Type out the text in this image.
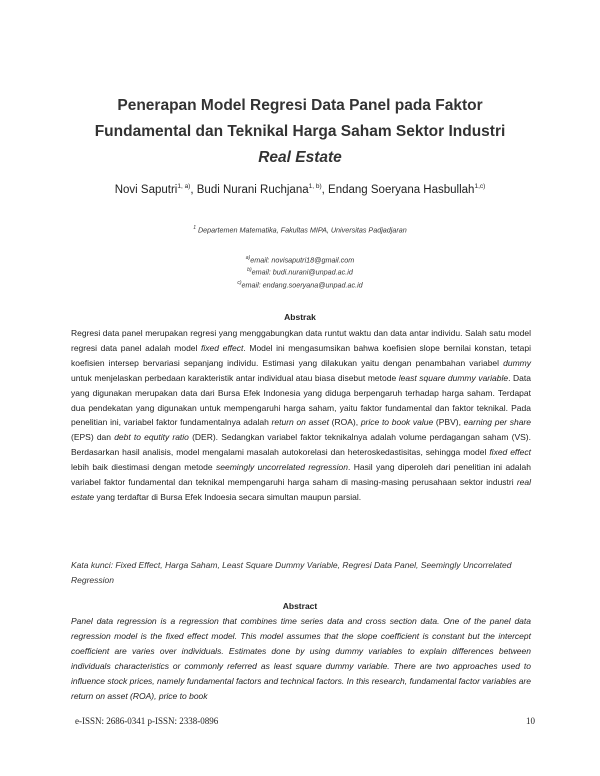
Penerapan Model Regresi Data Panel pada Faktor
Fundamental dan Teknikal Harga Saham Sektor Industri
Real Estate
Novi Saputri$^{1, a)}$, Budi Nurani Ruchjana$^{1, b)}$, Endang Soeryana Hasbullah$^{1,c)}$
$^1$ Departemen Matematika, Fakultas MIPA, Universitas Padjadjaran
$^{a)}$email: novisaputri18@gmail.com
$^{b)}$email: budi.nurani@unpad.ac.id
$^{c)}$email: endang.soeryana@unpad.ac.id
Abstrak
Regresi data panel merupakan regresi yang menggabungkan data runtut waktu dan data antar individu. Salah satu model regresi data panel adalah model fixed effect. Model ini mengasumsikan bahwa koefisien slope bernilai konstan, tetapi koefisien intersep bervariasi sepanjang individu. Estimasi yang dilakukan yaitu dengan penambahan variabel dummy untuk menjelaskan perbedaan karakteristik antar individual atau biasa disebut metode least square dummy variable. Data yang digunakan merupakan data dari Bursa Efek Indonesia yang diduga berpengaruh terhadap harga saham. Terdapat dua pendekatan yang digunakan untuk mempengaruhi harga saham, yaitu faktor fundamental dan faktor teknikal. Pada penelitian ini, variabel faktor fundamentalnya adalah return on asset (ROA), price to book value (PBV), earning per share (EPS) dan debt to equtity ratio (DER). Sedangkan variabel faktor teknikalnya adalah volume perdagangan saham (VS). Berdasarkan hasil analisis, model mengalami masalah autokorelasi dan heteroskedastisitas, sehingga model fixed effect lebih baik diestimasi dengan metode seemingly uncorrelated regression. Hasil yang diperoleh dari penelitian ini adalah variabel faktor fundamental dan teknikal mempengaruhi harga saham di masing-masing perusahaan sektor industri real estate yang terdaftar di Bursa Efek Indoesia secara simultan maupun parsial.
Kata kunci: Fixed Effect, Harga Saham, Least Square Dummy Variable, Regresi Data Panel, Seemingly Uncorrelated Regression
Abstract
Panel data regression is a regression that combines time series data and cross section data. One of the panel data regression model is the fixed effect model. This model assumes that the slope coefficient is constant but the intercept coefficient are varies over individuals. Estimates done by using dummy variables to explain differences between individuals characteristics or commonly referred as least square dummy variable. There are two approaches used to influence stock prices, namely fundamental factors and technical factors. In this research, fundamental factor variables are return on asset (ROA), price to book
e-ISSN: 2686-0341 p-ISSN: 2338-0896	10
